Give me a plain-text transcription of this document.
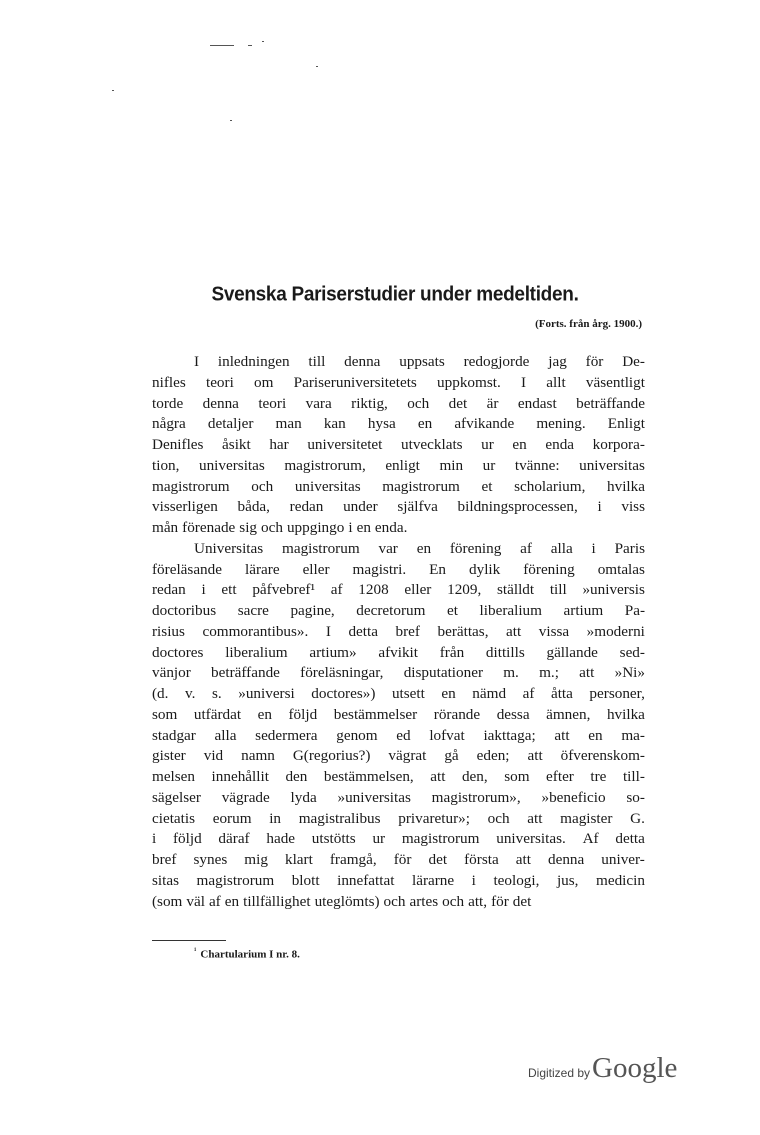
Svenska Pariserstudier under medeltiden.
(Forts. från årg. 1900.)
I inledningen till denna uppsats redogjorde jag för De-
nifles teori om Pariseruniversitetets uppkomst. I allt väsentligt
torde denna teori vara riktig, och det är endast beträffande
några detaljer man kan hysa en afvikande mening. Enligt
Denifles åsikt har universitetet utvecklats ur en enda korpora-
tion, universitas magistrorum, enligt min ur tvänne: universitas
magistrorum och universitas magistrorum et scholarium, hvilka
visserligen båda, redan under själfva bildningsprocessen, i viss
mån förenade sig och uppgingo i en enda.
Universitas magistrorum var en förening af alla i Paris
föreläsande lärare eller magistri. En dylik förening omtalas
redan i ett påfvebref¹ af 1208 eller 1209, ställdt till »universis
doctoribus sacre pagine, decretorum et liberalium artium Pa-
risius commorantibus». I detta bref berättas, att vissa »moderni
doctores liberalium artium» afvikit från dittills gällande sed-
vänjor beträffande föreläsningar, disputationer m. m.; att »Ni»
(d. v. s. »universi doctores») utsett en nämd af åtta personer,
som utfärdat en följd bestämmelser rörande dessa ämnen, hvilka
stadgar alla sedermera genom ed lofvat iakttaga; att en ma-
gister vid namn G(regorius?) vägrat gå eden; att öfverenskom-
melsen innehållit den bestämmelsen, att den, som efter tre till-
sägelser vägrade lyda »universitas magistrorum», »beneficio so-
cietatis eorum in magistralibus privaretur»; och att magister G.
i följd däraf hade utstötts ur magistrorum universitas. Af detta
bref synes mig klart framgå, för det första att denna univer-
sitas magistrorum blott innefattat lärarne i teologi, jus, medicin
(som väl af en tillfällighet uteglömts) och artes och att, för det
$^{^1}$ Chartularium I nr. 8.
Digitized by Google
